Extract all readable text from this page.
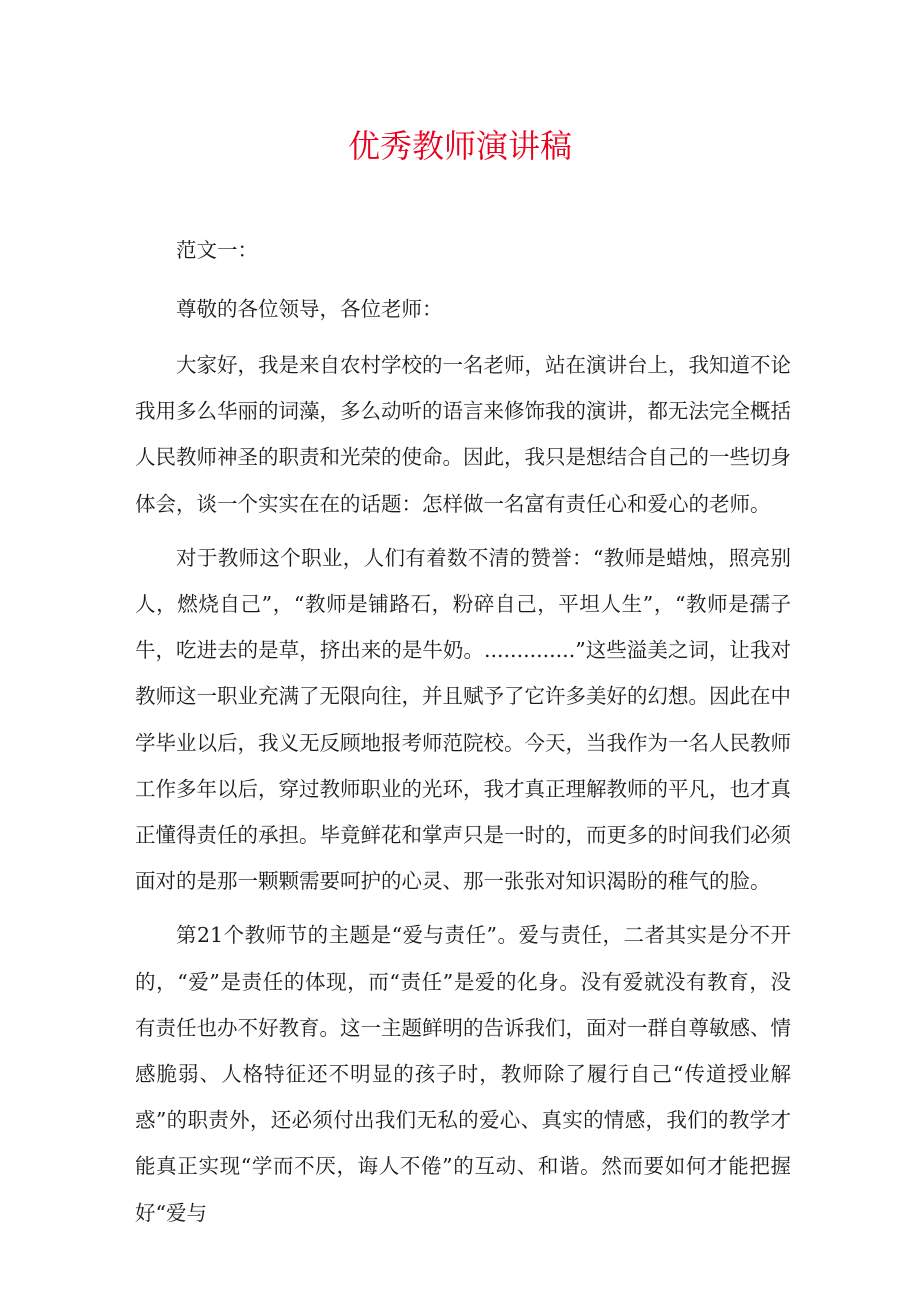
优秀教师演讲稿

范文一：

尊敬的各位领导，各位老师：

大家好，我是来自农村学校的一名老师，站在演讲台上，我知道不论我用多么华丽的词藻，多么动听的语言来修饰我的演讲，都无法完全概括人民教师神圣的职责和光荣的使命。因此，我只是想结合自己的一些切身体会，谈一个实实在在的话题：怎样做一名富有责任心和爱心的老师。

对于教师这个职业，人们有着数不清的赞誉：“教师是蜡烛，照亮别人，燃烧自己”，“教师是铺路石，粉碎自己，平坦人生”，“教师是孺子牛，吃进去的是草，挤出来的是牛奶。..............”这些溢美之词，让我对教师这一职业充满了无限向往，并且赋予了它许多美好的幻想。因此在中学毕业以后，我义无反顾地报考师范院校。今天，当我作为一名人民教师工作多年以后，穿过教师职业的光环，我才真正理解教师的平凡，也才真正懂得责任的承担。毕竟鲜花和掌声只是一时的，而更多的时间我们必须面对的是那一颗颗需要呵护的心灵、那一张张对知识渴盼的稚气的脸。

第21个教师节的主题是“爱与责任”。爱与责任，二者其实是分不开的，“爱”是责任的体现，而“责任”是爱的化身。没有爱就没有教育，没有责任也办不好教育。这一主题鲜明的告诉我们，面对一群自尊敏感、情感脆弱、人格特征还不明显的孩子时，教师除了履行自己“传道授业解惑”的职责外，还必须付出我们无私的爱心、真实的情感，我们的教学才能真正实现“学而不厌，诲人不倦”的互动、和谐。然而要如何才能把握好“爱与
